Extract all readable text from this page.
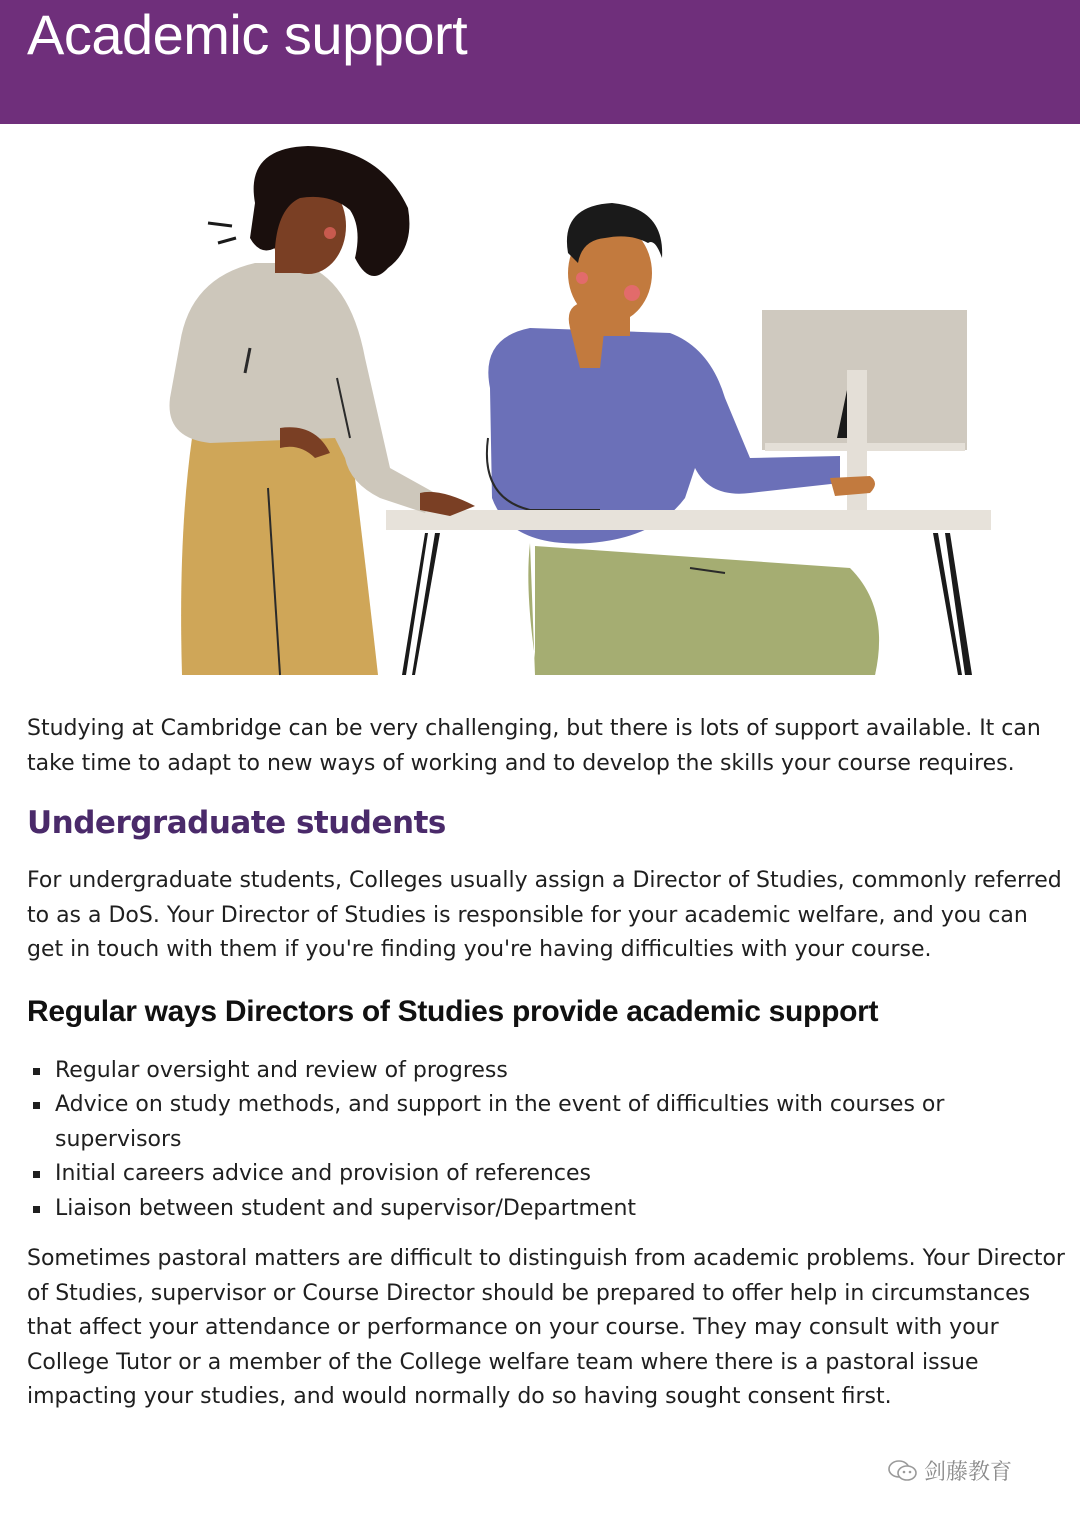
Academic support

Studying at Cambridge can be very challenging, but there is lots of support available. It can take time to adapt to new ways of working and to develop the skills your course requires.

Undergraduate students

For undergraduate students, Colleges usually assign a Director of Studies, commonly referred to as a DoS. Your Director of Studies is responsible for your academic welfare, and you can get in touch with them if you're finding you're having difficulties with your course.

Regular ways Directors of Studies provide academic support
Regular oversight and review of progress
Advice on study methods, and support in the event of difficulties with courses or supervisors
Initial careers advice and provision of references
Liaison between student and supervisor/Department

Sometimes pastoral matters are difficult to distinguish from academic problems. Your Director of Studies, supervisor or Course Director should be prepared to offer help in circumstances that affect your attendance or performance on your course. They may consult with your College Tutor or a member of the College welfare team where there is a pastoral issue impacting your studies, and would normally do so having sought consent first.

剑藤教育
